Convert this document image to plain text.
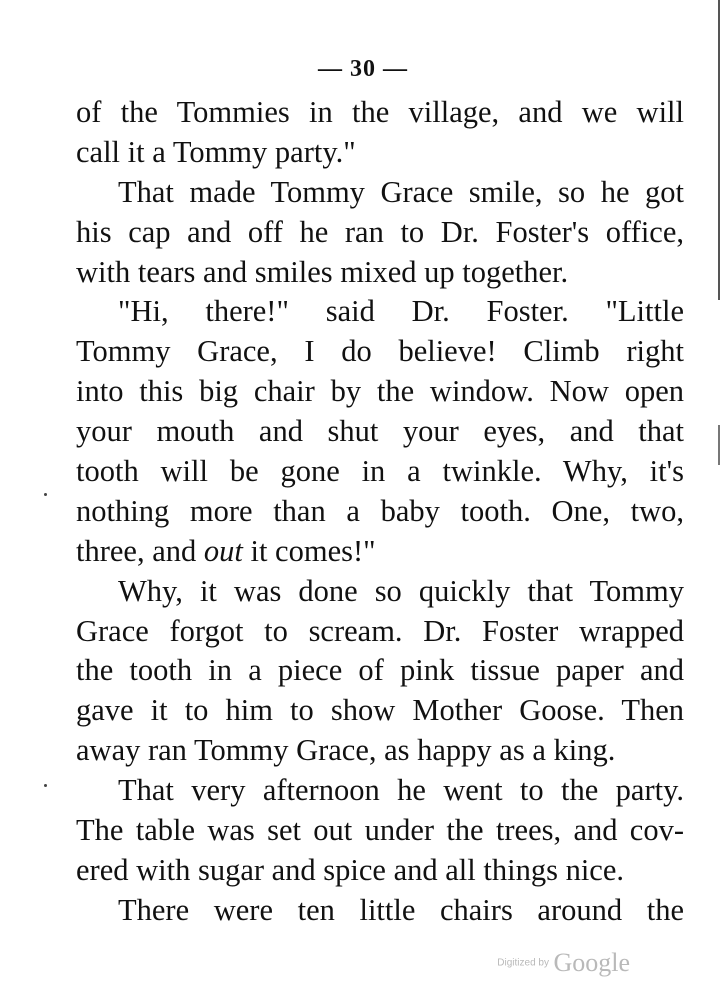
— 30 —
of the Tommies in the village, and we will
call it a Tommy party."
That made Tommy Grace smile, so he got
his cap and off he ran to Dr. Foster's office,
with tears and smiles mixed up together.
"Hi, there!" said Dr. Foster. "Little
Tommy Grace, I do believe! Climb right
into this big chair by the window. Now open
your mouth and shut your eyes, and that
tooth will be gone in a twinkle. Why, it's
nothing more than a baby tooth. One, two,
three, and out it comes!"
Why, it was done so quickly that Tommy
Grace forgot to scream. Dr. Foster wrapped
the tooth in a piece of pink tissue paper and
gave it to him to show Mother Goose. Then
away ran Tommy Grace, as happy as a king.
That very afternoon he went to the party.
The table was set out under the trees, and cov-
ered with sugar and spice and all things nice.
There were ten little chairs around the
Digitized by Google
